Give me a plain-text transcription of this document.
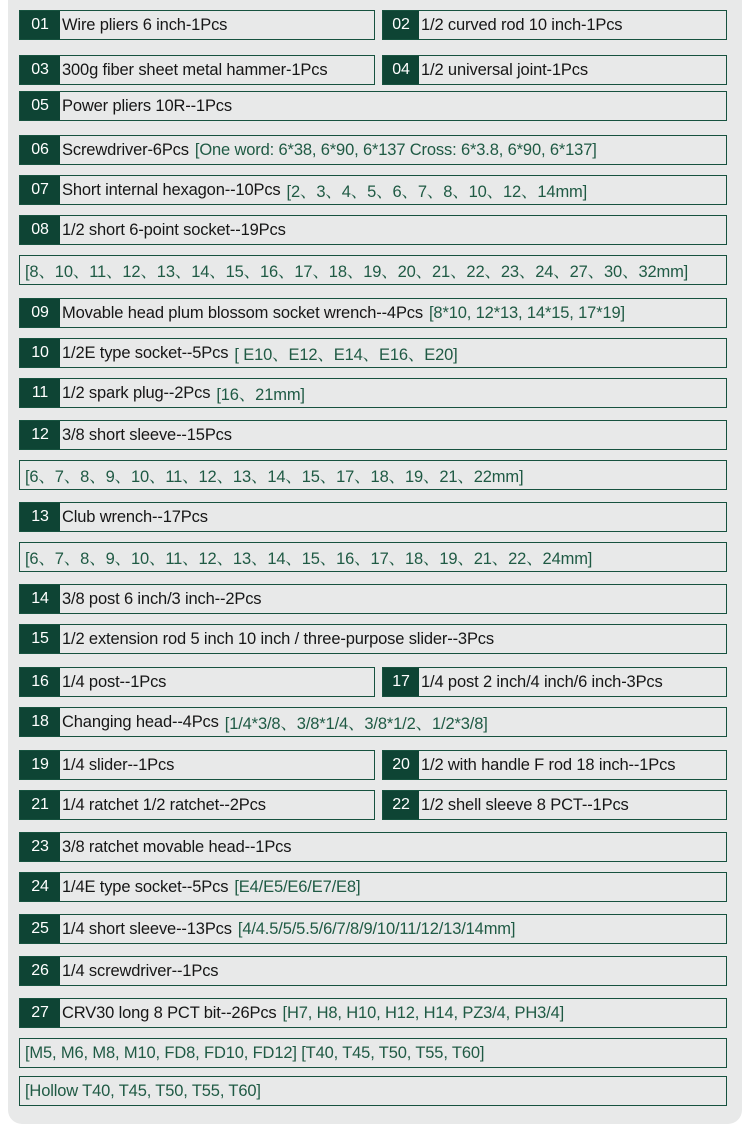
01 Wire pliers 6 inch-1Pcs	02 1/2 curved rod 10 inch-1Pcs
03 300g fiber sheet metal hammer-1Pcs	04 1/2 universal joint-1Pcs
05 Power pliers 10R--1Pcs
06 Screwdriver-6Pcs [One word: 6*38, 6*90, 6*137 Cross: 6*3.8, 6*90, 6*137]
07 Short internal hexagon--10Pcs [2、3、4、5、6、7、8、10、12、14mm]
08 1/2 short 6-point socket--19Pcs
[8、10、11、12、13、14、15、16、17、18、19、20、21、22、23、24、27、30、32mm]
09 Movable head plum blossom socket wrench--4Pcs [8*10, 12*13, 14*15, 17*19]
10 1/2E type socket--5Pcs [ E10、E12、E14、E16、E20]
11 1/2 spark plug--2Pcs [16、21mm]
12 3/8 short sleeve--15Pcs
[6、7、8、9、10、11、12、13、14、15、17、18、19、21、22mm]
13 Club wrench--17Pcs
[6、7、8、9、10、11、12、13、14、15、16、17、18、19、21、22、24mm]
14 3/8 post 6 inch/3 inch--2Pcs
15 1/2 extension rod 5 inch 10 inch / three-purpose slider--3Pcs
16 1/4 post--1Pcs	17 1/4 post 2 inch/4 inch/6 inch-3Pcs
18 Changing head--4Pcs [1/4*3/8、3/8*1/4、3/8*1/2、1/2*3/8]
19 1/4 slider--1Pcs	20 1/2 with handle F rod 18 inch--1Pcs
21 1/4 ratchet 1/2 ratchet--2Pcs	22 1/2 shell sleeve 8 PCT--1Pcs
23 3/8 ratchet movable head--1Pcs
24 1/4E type socket--5Pcs [E4/E5/E6/E7/E8]
25 1/4 short sleeve--13Pcs [4/4.5/5/5.5/6/7/8/9/10/11/12/13/14mm]
26 1/4 screwdriver--1Pcs
27 CRV30 long 8 PCT bit--26Pcs [H7, H8, H10, H12, H14, PZ3/4, PH3/4]
[M5, M6, M8, M10, FD8, FD10, FD12] [T40, T45, T50, T55, T60]
[Hollow T40, T45, T50, T55, T60]
